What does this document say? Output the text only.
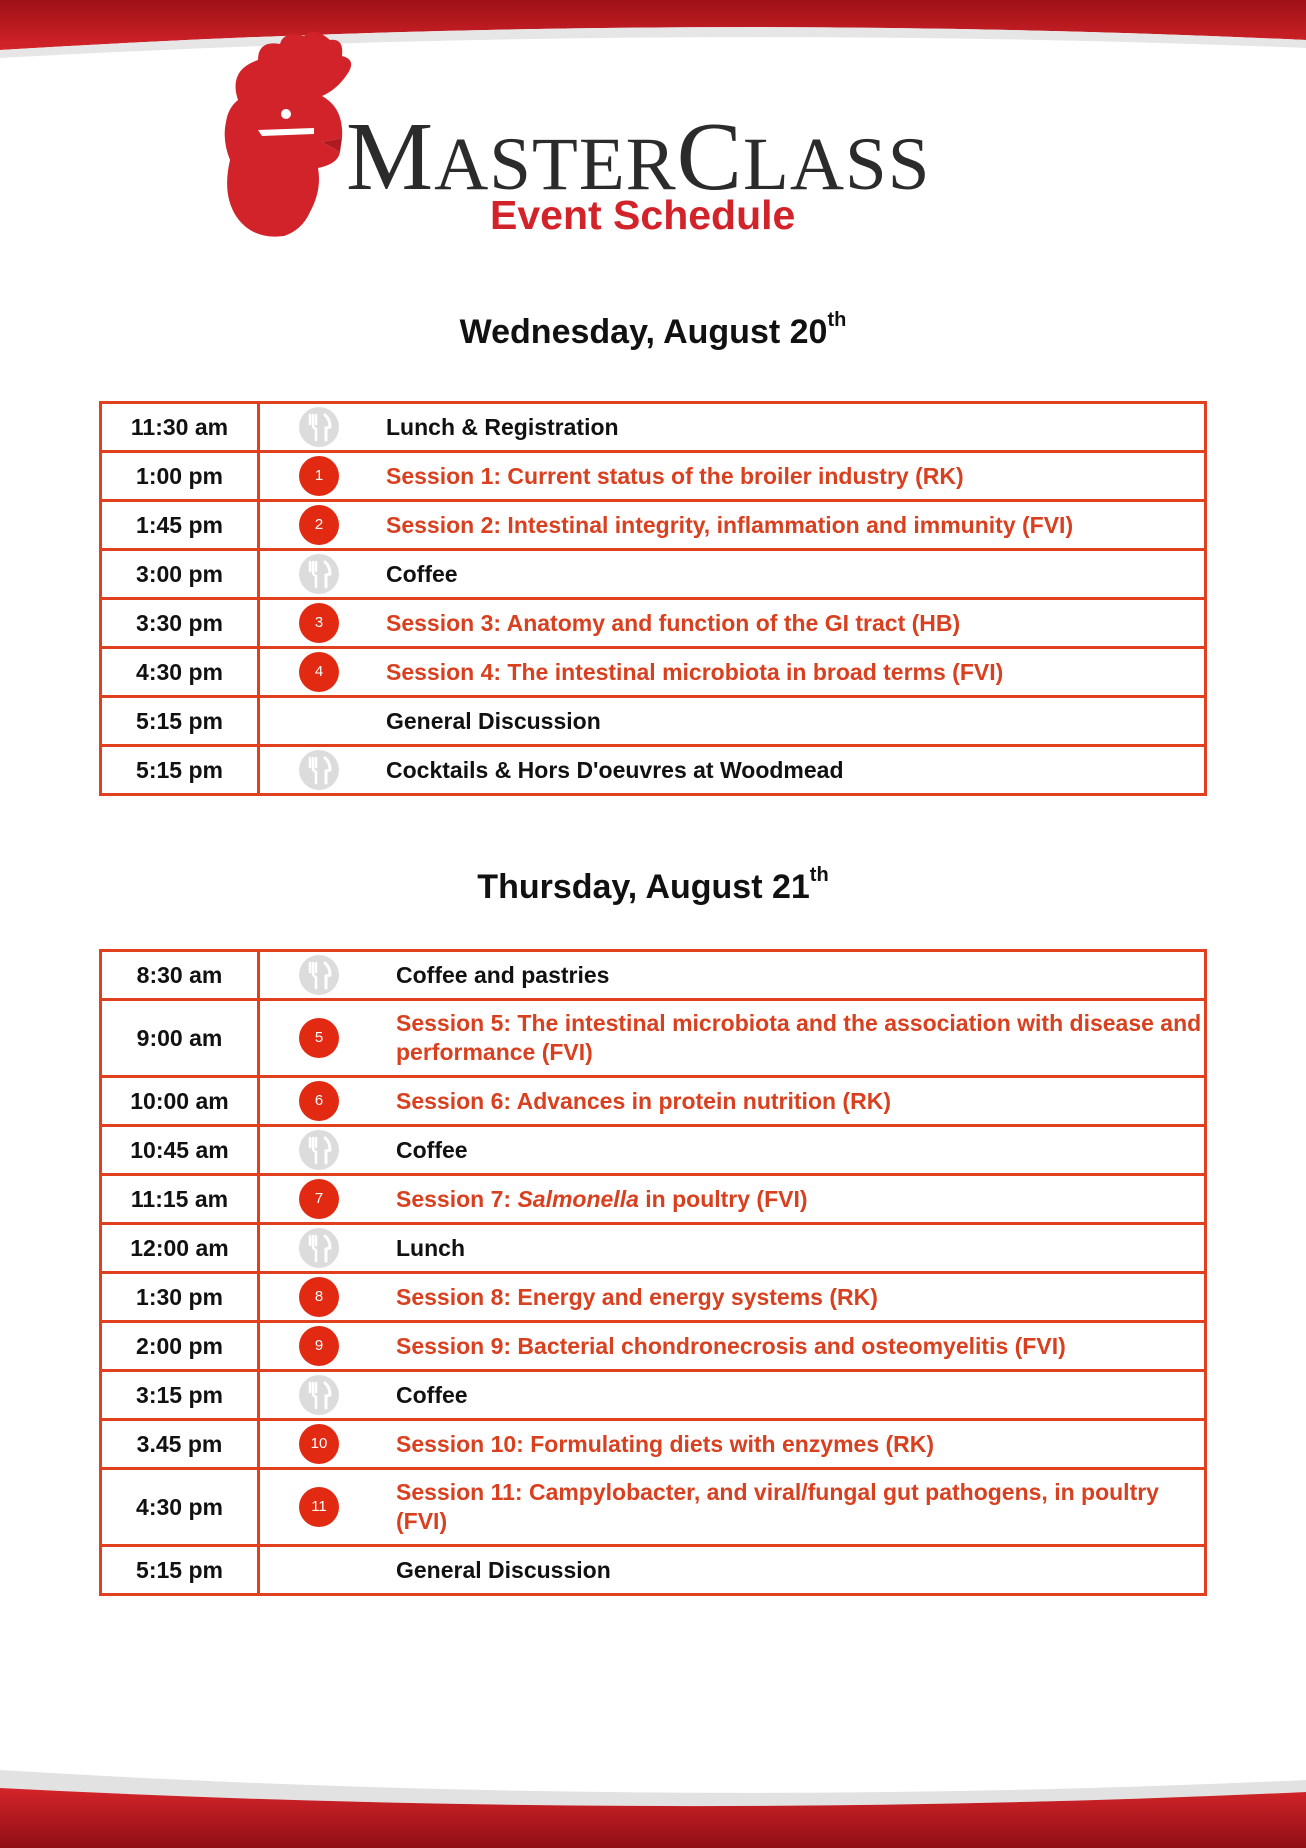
MASTERCLASS
Event Schedule
Wednesday, August 20th
11:30 am		Lunch & Registration
1:00 pm	1	Session 1: Current status of the broiler industry (RK)
1:45 pm	2	Session 2: Intestinal integrity, inflammation and immunity (FVI)
3:00 pm		Coffee
3:30 pm	3	Session 3: Anatomy and function of the GI tract (HB)
4:30 pm	4	Session 4: The intestinal microbiota in broad terms (FVI)
5:15 pm		General Discussion
5:15 pm		Cocktails & Hors D'oeuvres at Woodmead
Thursday, August 21th
8:30 am		Coffee and pastries
9:00 am	5	Session 5: The intestinal microbiota and the association with disease and performance (FVI)
10:00 am	6	Session 6: Advances in protein nutrition (RK)
10:45 am		Coffee
11:15 am	7	Session 7: Salmonella in poultry (FVI)
12:00 am		Lunch
1:30 pm	8	Session 8: Energy and energy systems (RK)
2:00 pm	9	Session 9: Bacterial chondronecrosis and osteomyelitis (FVI)
3:15 pm		Coffee
3.45 pm	10	Session 10: Formulating diets with enzymes (RK)
4:30 pm	11	Session 11: Campylobacter, and viral/fungal gut pathogens, in poultry (FVI)
5:15 pm		General Discussion
